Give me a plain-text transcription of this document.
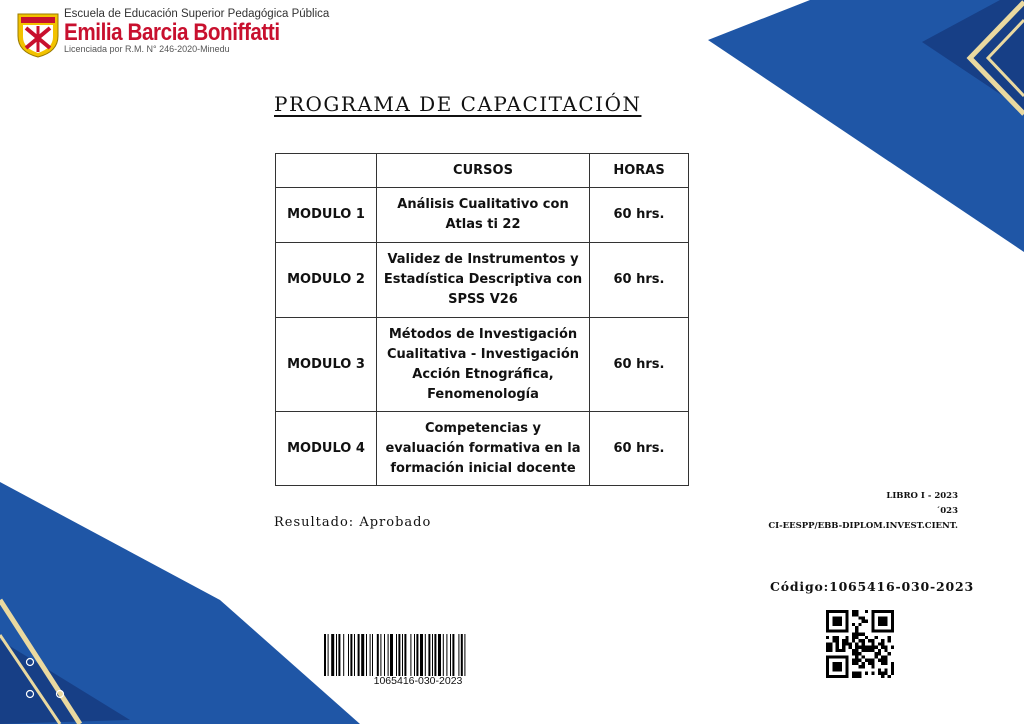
Escuela de Educación Superior Pedagógica Pública
Emilia Barcia Boniffatti
Licenciada por R.M. N° 246-2020-Minedu
PROGRAMA DE CAPACITACIÓN
	CURSOS	HORAS
MODULO 1	Análisis Cualitativo con
Atlas ti 22	60 hrs.
MODULO 2	Validez de Instrumentos y
Estadística Descriptiva con
SPSS V26	60 hrs.
MODULO 3	Métodos de Investigación
Cualitativa - Investigación
Acción Etnográfica,
Fenomenología	60 hrs.
MODULO 4	Competencias y
evaluación formativa en la
formación inicial docente	60 hrs.
Resultado: Aprobado
LIBRO I - 2023
´023
CI-EESPP/EBB-DIPLOM.INVEST.CIENT.
Código:1065416-030-2023
1065416-030-2023
